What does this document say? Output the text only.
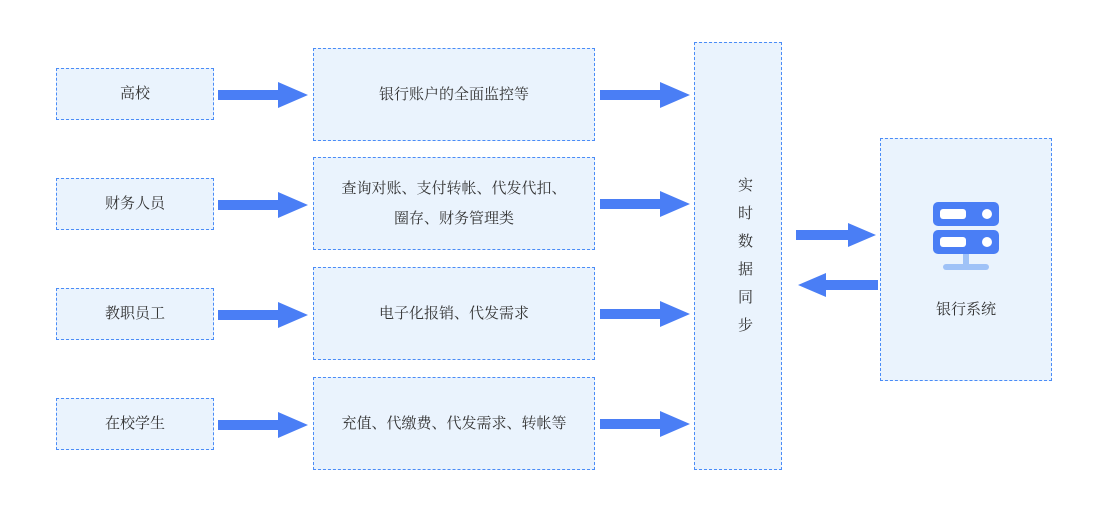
高校
财务人员
教职员工
在校学生
银行账户的全面监控等
查询对账、支付转帐、代发代扣、
圈存、财务管理类
电子化报销、代发需求
充值、代缴费、代发需求、转帐等
实时数据同步
银行系统
